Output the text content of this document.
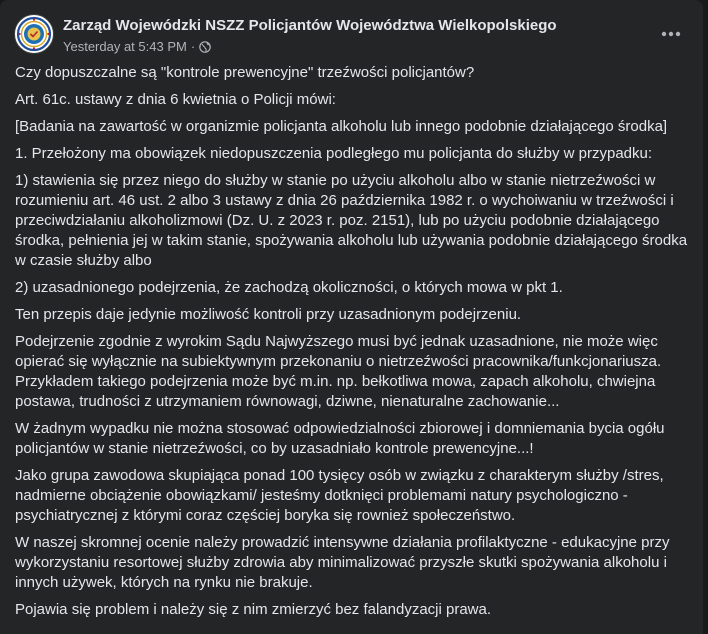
Zarząd Wojewódzki NSZZ Policjantów Województwa Wielkopolskiego
Yesterday at 5:43 PM ·

Czy dopuszczalne są "kontrole prewencyjne" trzeźwości policjantów?

Art. 61c. ustawy z dnia 6 kwietnia o Policji mówi:

[Badania na zawartość w organizmie policjanta alkoholu lub innego podobnie działającego środka]

1. Przełożony ma obowiązek niedopuszczenia podległego mu policjanta do służby w przypadku:

1) stawienia się przez niego do służby w stanie po użyciu alkoholu albo w stanie nietrzeźwości w rozumieniu art. 46 ust. 2 albo 3 ustawy z dnia 26 października 1982 r. o wychoiwaniu w trzeźwości i przeciwdziałaniu alkoholizmowi (Dz. U. z 2023 r. poz. 2151), lub po użyciu podobnie działającego środka, pełnienia jej w takim stanie, spożywania alkoholu lub używania podobnie działającego środka w czasie służby albo

2) uzasadnionego podejrzenia, że zachodzą okoliczności, o których mowa w pkt 1.

Ten przepis daje jedynie możliwość kontroli przy uzasadnionym podejrzeniu.

Podejrzenie zgodnie z wyrokim Sądu Najwyższego musi być jednak uzasadnione, nie może więc opierać się wyłącznie na subiektywnym przekonaniu o nietrzeźwości pracownika/funkcjonariusza. Przykładem takiego podejrzenia może być m.in. np. bełkotliwa mowa, zapach alkoholu, chwiejna postawa, trudności z utrzymaniem równowagi, dziwne, nienaturalne zachowanie...

W żadnym wypadku nie można stosować odpowiedzialności zbiorowej i domniemania bycia ogółu policjantów w stanie nietrzeźwości, co by uzasadniało kontrole prewencyjne...!

Jako grupa zawodowa skupiająca ponad 100 tysięcy osób w związku z charakterym służby /stres, nadmierne obciążenie obowiązkami/ jesteśmy dotknięci problemami natury psychologiczno - psychiatrycznej z którymi coraz częściej boryka się rownież społeczeństwo.

W naszej skromnej ocenie należy prowadzić intensywne działania profilaktyczne - edukacyjne przy wykorzystaniu resortowej służby zdrowia aby minimalizować przyszłe skutki spożywania alkoholu i innych używek, których na rynku nie brakuje.

Pojawia się problem i należy się z nim zmierzyć bez falandyzacji prawa.
